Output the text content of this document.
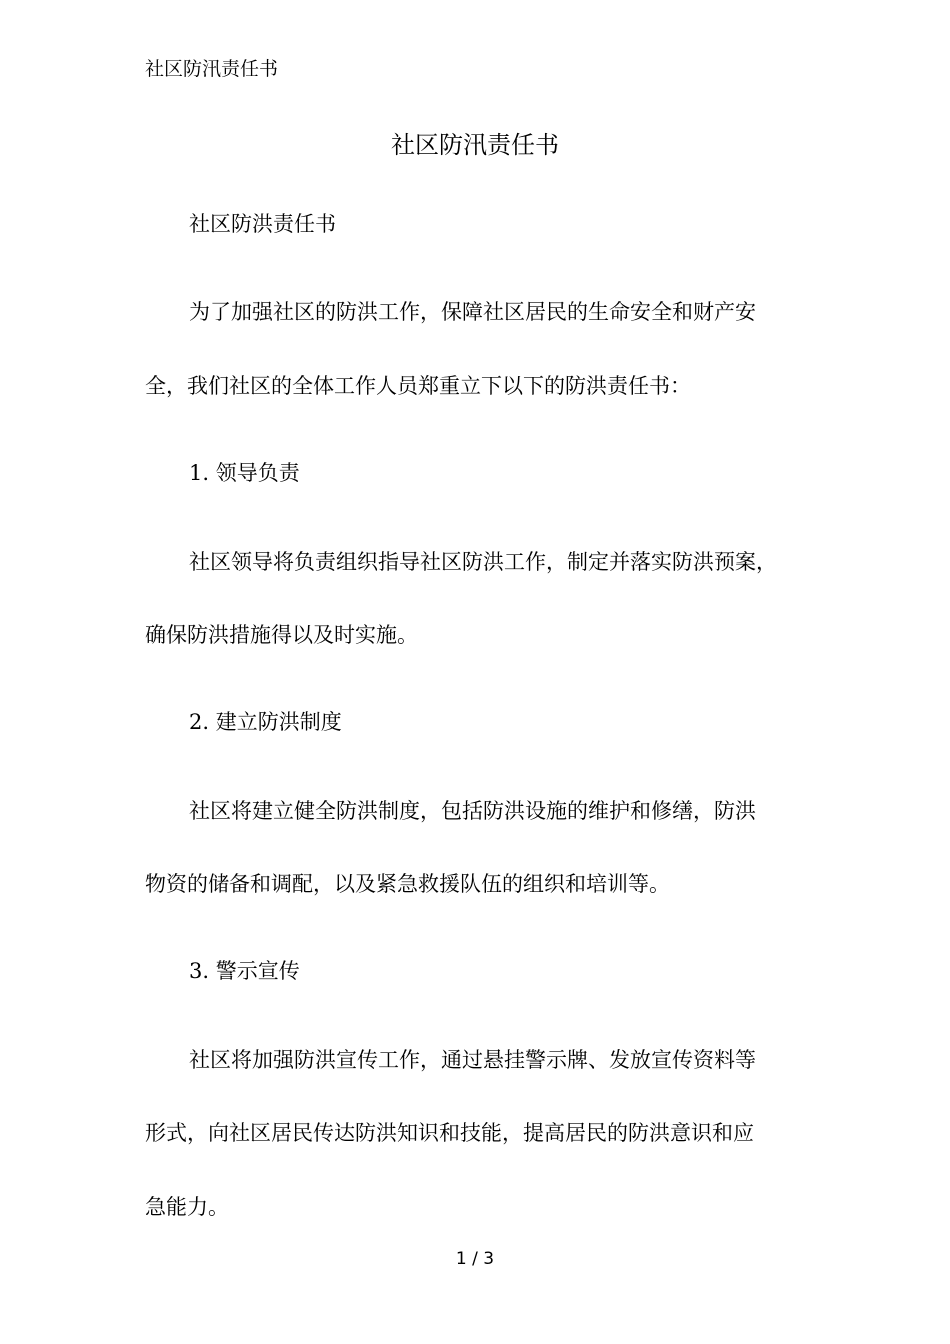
社区防汛责任书
社区防汛责任书
社区防洪责任书
为了加强社区的防洪工作，保障社区居民的生命安全和财产安
全，我们社区的全体工作人员郑重立下以下的防洪责任书：
1. 领导负责
社区领导将负责组织指导社区防洪工作，制定并落实防洪预案，
确保防洪措施得以及时实施。
2. 建立防洪制度
社区将建立健全防洪制度，包括防洪设施的维护和修缮，防洪
物资的储备和调配，以及紧急救援队伍的组织和培训等。
3. 警示宣传
社区将加强防洪宣传工作，通过悬挂警示牌、发放宣传资料等
形式，向社区居民传达防洪知识和技能，提高居民的防洪意识和应
急能力。
1 / 3
